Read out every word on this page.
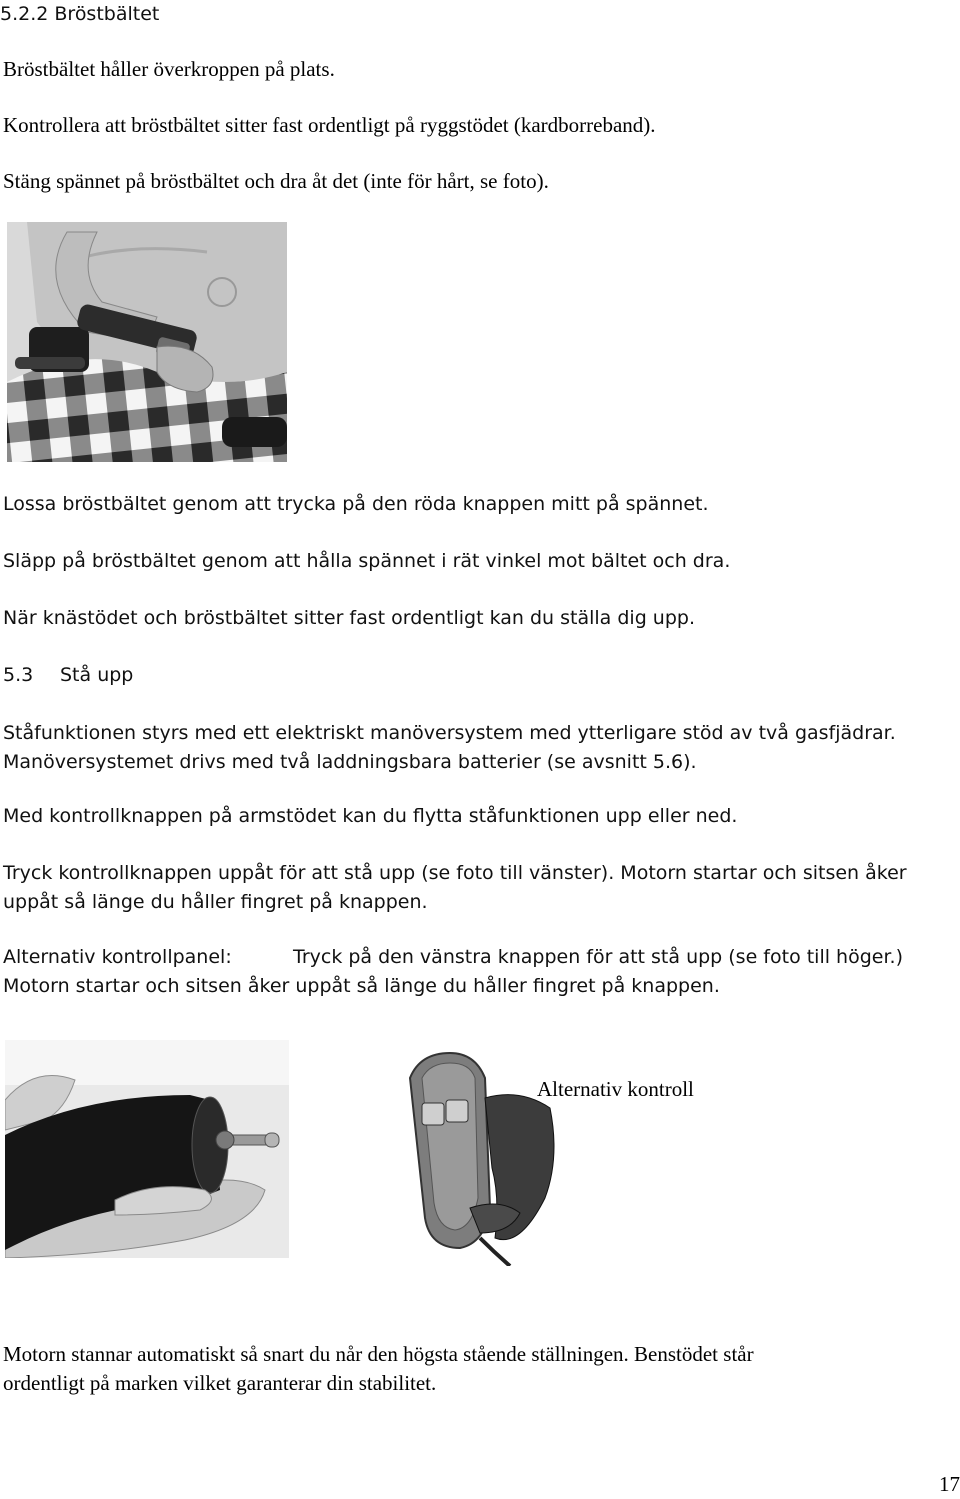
5.2.2 Bröstbältet
Bröstbältet håller överkroppen på plats.
Kontrollera att bröstbältet sitter fast ordentligt på ryggstödet (kardborreband).
Stäng spännet på bröstbältet och dra åt det (inte för hårt, se foto).
Lossa bröstbältet genom att trycka på den röda knappen mitt på spännet.
Släpp på bröstbältet genom att hålla spännet i rät vinkel mot bältet och dra.
När knästödet och bröstbältet sitter fast ordentligt kan du ställa dig upp.
5.3 Stå upp
Ståfunktionen styrs med ett elektriskt manöversystem med ytterligare stöd av två gasfjädrar.
Manöversystemet drivs med två laddningsbara batterier (se avsnitt 5.6).
Med kontrollknappen på armstödet kan du flytta ståfunktionen upp eller ned.
Tryck kontrollknappen uppåt för att stå upp (se foto till vänster). Motorn startar och sitsen åker
uppåt så länge du håller fingret på knappen.
Alternativ kontrollpanel:	Tryck på den vänstra knappen för att stå upp (se foto till höger.)
Motorn startar och sitsen åker uppåt så länge du håller fingret på knappen.
Alternativ kontroll
Motorn stannar automatiskt så snart du når den högsta stående ställningen. Benstödet står
ordentligt på marken vilket garanterar din stabilitet.
17
